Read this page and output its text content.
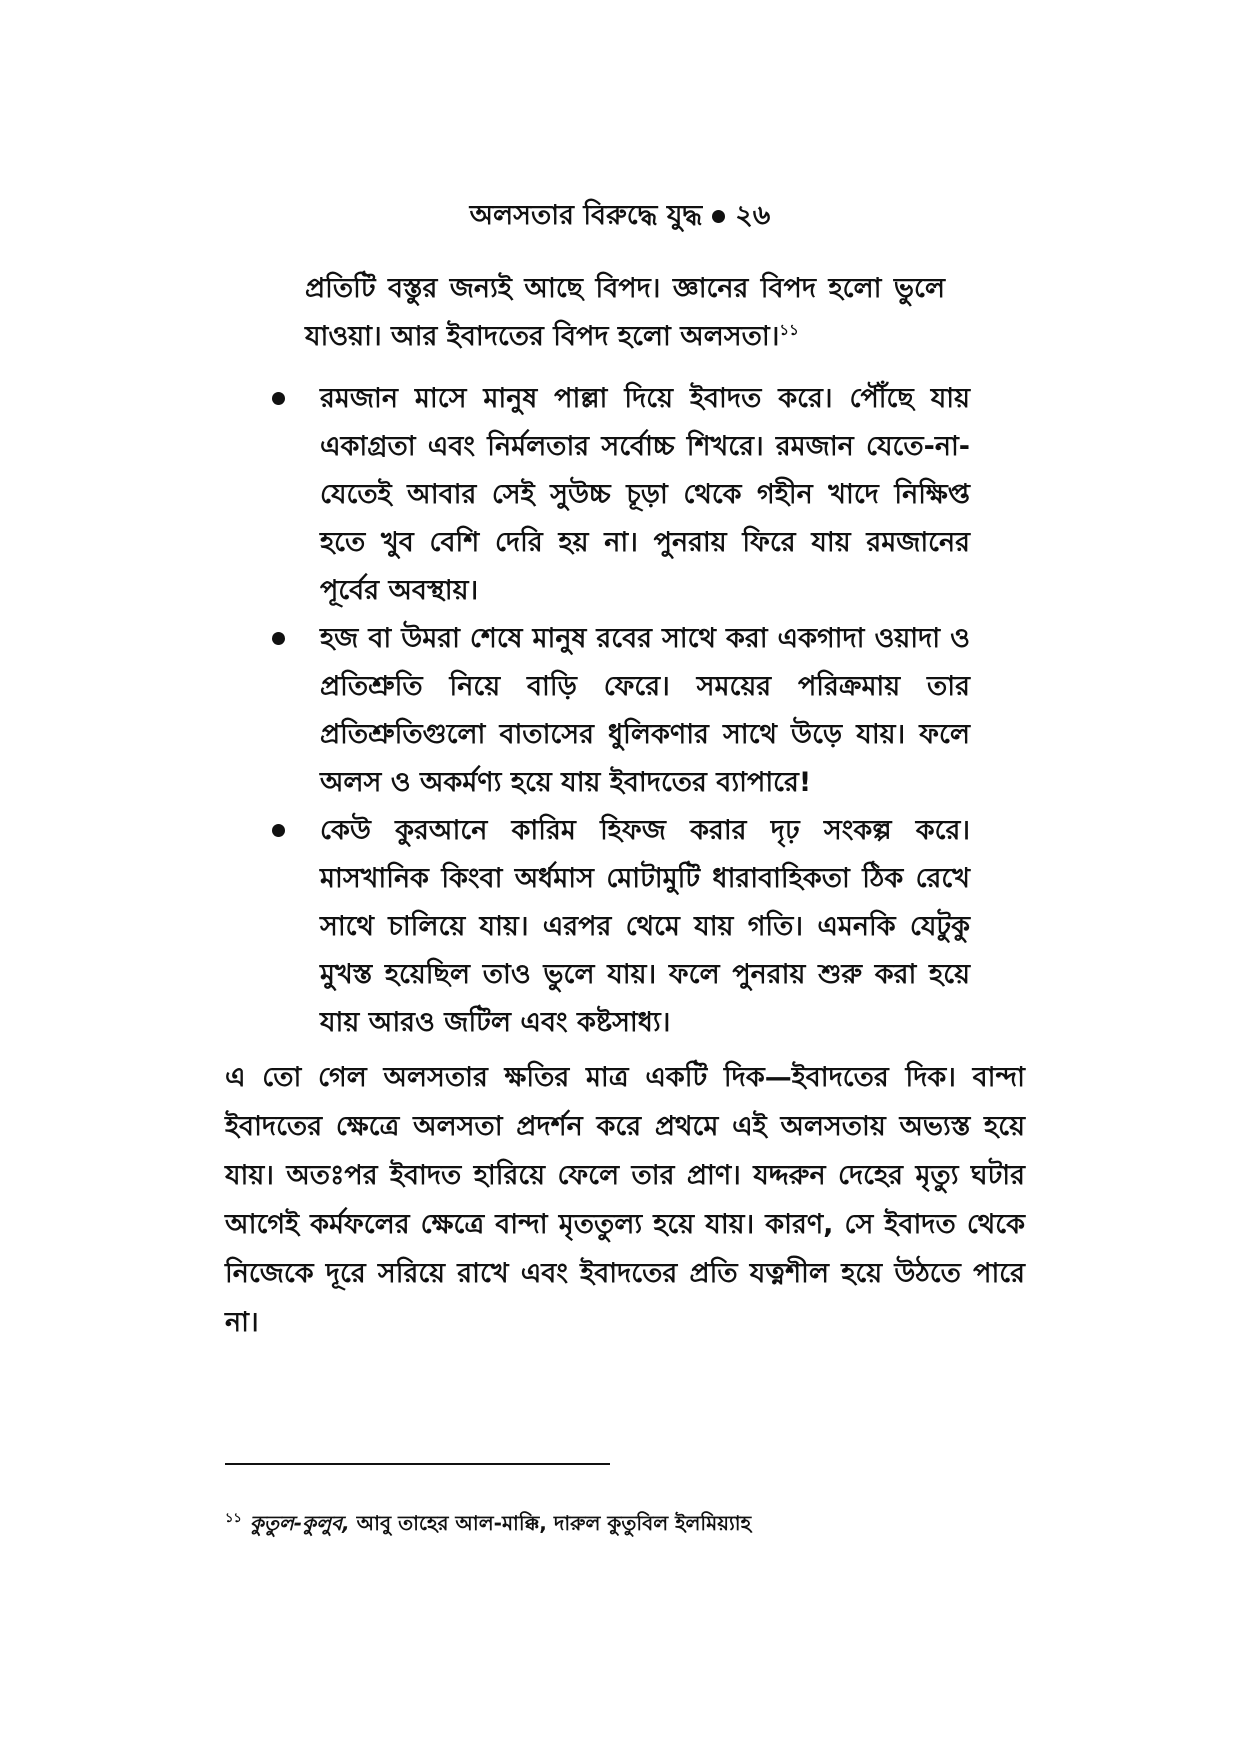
অলসতার বিরুদ্ধে যুদ্ধ ২৬
প্রতিটি বস্তুর জন্যই আছে বিপদ। জ্ঞানের বিপদ হলো ভুলে যাওয়া। আর ইবাদতের বিপদ হলো অলসতা।$^{১১}$
রমজান মাসে মানুষ পাল্লা দিয়ে ইবাদত করে। পৌঁছে যায় একাগ্রতা এবং নির্মলতার সর্বোচ্চ শিখরে। রমজান যেতে-না-যেতেই আবার সেই সুউচ্চ চূড়া থেকে গহীন খাদে নিক্ষিপ্ত হতে খুব বেশি দেরি হয় না। পুনরায় ফিরে যায় রমজানের পূর্বের অবস্থায়।
হজ বা উমরা শেষে মানুষ রবের সাথে করা একগাদা ওয়াদা ও প্রতিশ্রুতি নিয়ে বাড়ি ফেরে। সময়ের পরিক্রমায় তার প্রতিশ্রুতিগুলো বাতাসের ধুলিকণার সাথে উড়ে যায়। ফলে অলস ও অকর্মণ্য হয়ে যায় ইবাদতের ব্যাপারে!
কেউ কুরআনে কারিম হিফজ করার দৃঢ় সংকল্প করে। মাসখানিক কিংবা অর্ধমাস মোটামুটি ধারাবাহিকতা ঠিক রেখে সাথে চালিয়ে যায়। এরপর থেমে যায় গতি। এমনকি যেটুকু মুখস্ত হয়েছিল তাও ভুলে যায়। ফলে পুনরায় শুরু করা হয়ে যায় আরও জটিল এবং কষ্টসাধ্য।
এ তো গেল অলসতার ক্ষতির মাত্র একটি দিক—ইবাদতের দিক। বান্দা ইবাদতের ক্ষেত্রে অলসতা প্রদর্শন করে প্রথমে এই অলসতায় অভ্যস্ত হয়ে যায়। অতঃপর ইবাদত হারিয়ে ফেলে তার প্রাণ। যদ্দরুন দেহের মৃত্যু ঘটার আগেই কর্মফলের ক্ষেত্রে বান্দা মৃততুল্য হয়ে যায়। কারণ, সে ইবাদত থেকে নিজেকে দূরে সরিয়ে রাখে এবং ইবাদতের প্রতি যত্নশীল হয়ে উঠতে পারে না।
$^{১১}$ কুতুল-কুলুব, আবু তাহের আল-মাক্কি, দারুল কুতুবিল ইলমিয়্যাহ
